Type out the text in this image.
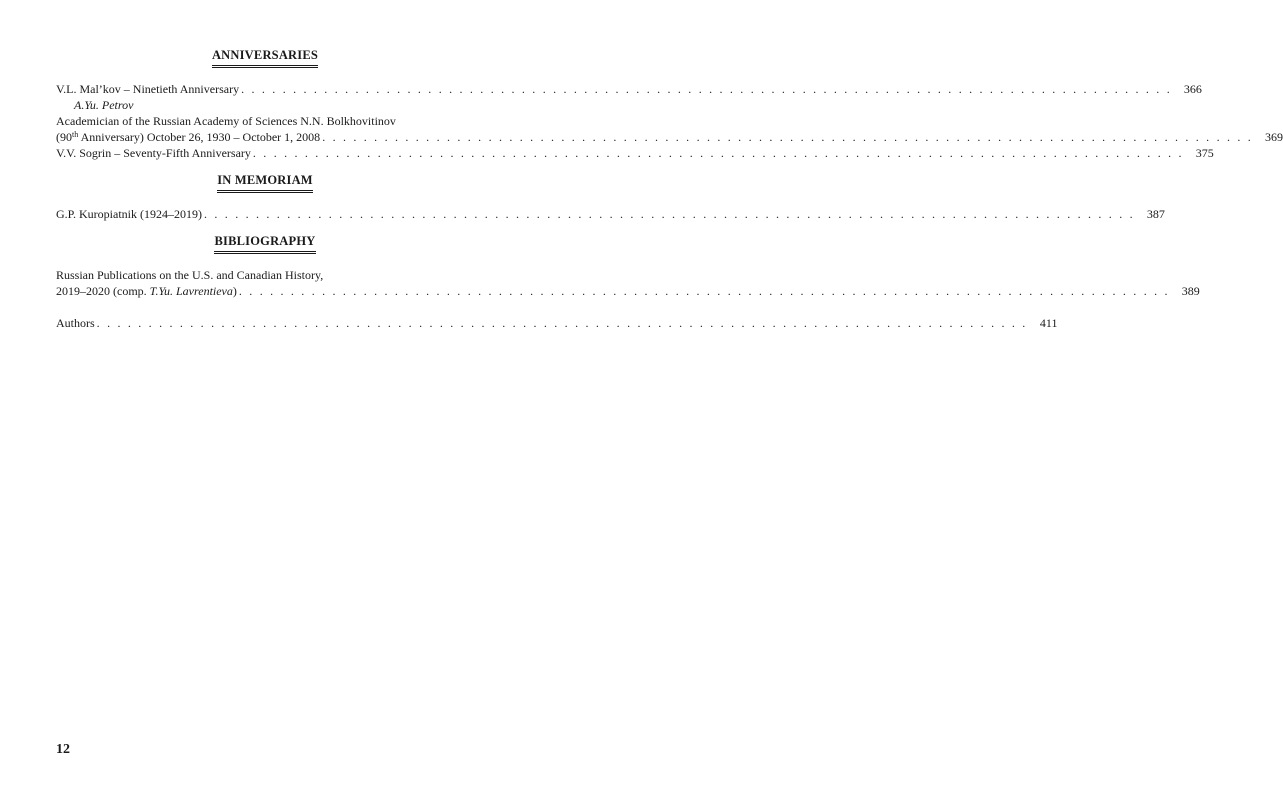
ANNIVERSARIES
V.L. Mal’kov – Ninetieth Anniversary . . . . . . . . . . . . . . . . . . . . . . . . . . . . . . . . . . . . . . . . . . . . . . . . . . . . . . . . . . . . . . . . . . . . . . . . . . . . . . . . . . . . . . . . . .	366
A.Yu. Petrov
Academician of the Russian Academy of Sciences N.N. Bolkhovitinov
(90th Anniversary) October 26, 1930 – October 1, 2008 . . . . . . . . . . . . . . . . . . . . . . . . . . . . . . . . . . . . . . . . . . . . . . . . . . . . . . . . . . . . . . . . . . . . . . . . . . . . . . . . . . . . . . . . . .	369
V.V. Sogrin – Seventy-Fifth Anniversary . . . . . . . . . . . . . . . . . . . . . . . . . . . . . . . . . . . . . . . . . . . . . . . . . . . . . . . . . . . . . . . . . . . . . . . . . . . . . . . . . . . . . . . . . .	375
IN MEMORIAM
G.P. Kuropiatnik (1924–2019) . . . . . . . . . . . . . . . . . . . . . . . . . . . . . . . . . . . . . . . . . . . . . . . . . . . . . . . . . . . . . . . . . . . . . . . . . . . . . . . . . . . . . . . . . .	387
BIBLIOGRAPHY
Russian Publications on the U.S. and Canadian History,
2019–2020 (comp. T.Yu. Lavrentieva) . . . . . . . . . . . . . . . . . . . . . . . . . . . . . . . . . . . . . . . . . . . . . . . . . . . . . . . . . . . . . . . . . . . . . . . . . . . . . . . . . . . . . . . . . .	389
Authors . . . . . . . . . . . . . . . . . . . . . . . . . . . . . . . . . . . . . . . . . . . . . . . . . . . . . . . . . . . . . . . . . . . . . . . . . . . . . . . . . . . . . . . . . .	411
12
